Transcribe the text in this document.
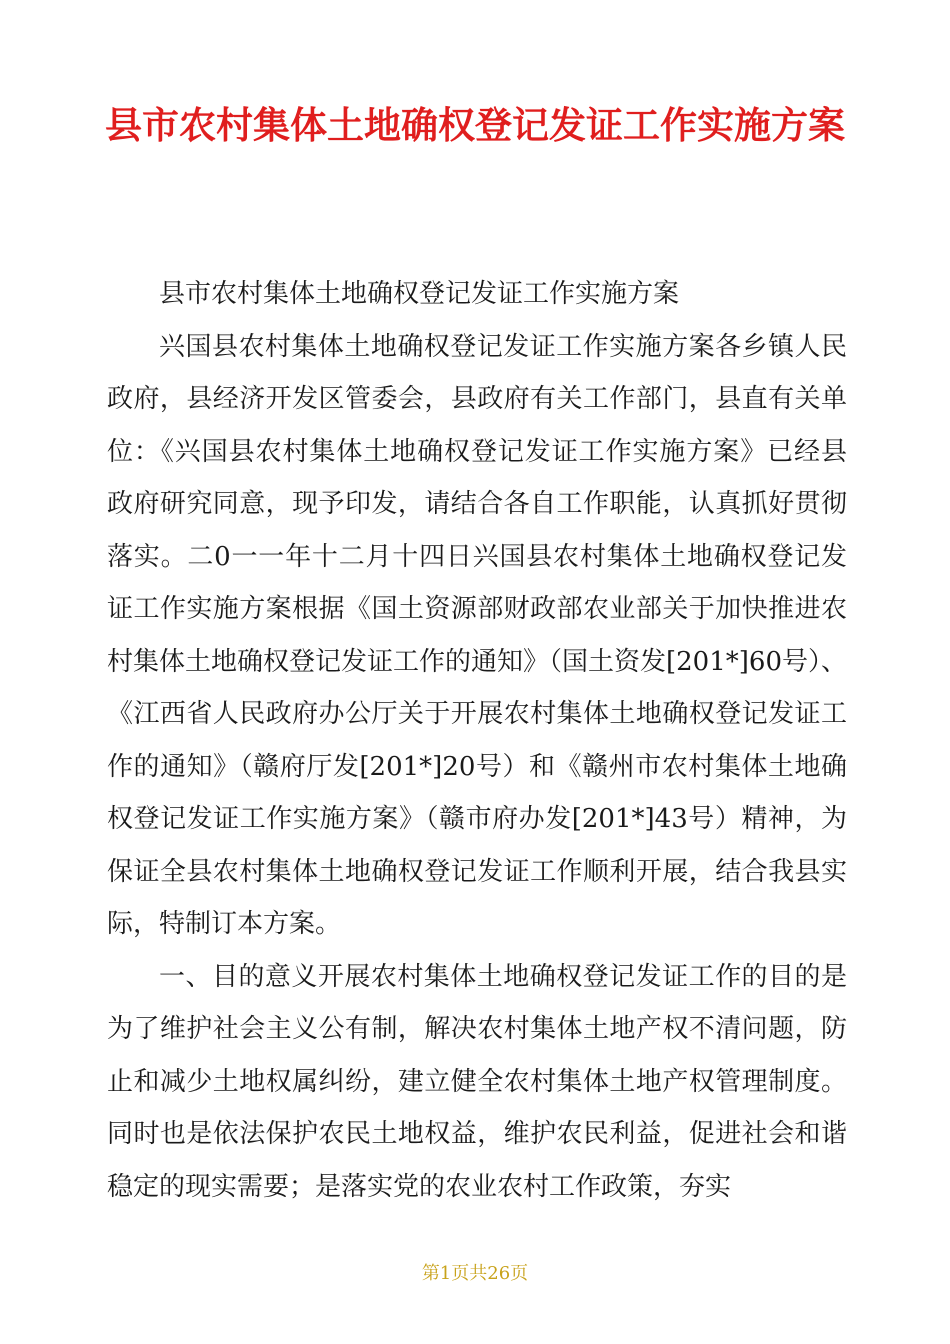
县市农村集体土地确权登记发证工作实施方案

县市农村集体土地确权登记发证工作实施方案

兴国县农村集体土地确权登记发证工作实施方案各乡镇人民政府，县经济开发区管委会，县政府有关工作部门，县直有关单位：《兴国县农村集体土地确权登记发证工作实施方案》已经县政府研究同意，现予印发，请结合各自工作职能，认真抓好贯彻落实。二0一一年十二月十四日兴国县农村集体土地确权登记发证工作实施方案根据《国土资源部财政部农业部关于加快推进农村集体土地确权登记发证工作的通知》（国土资发[201*]60号）、《江西省人民政府办公厅关于开展农村集体土地确权登记发证工作的通知》（赣府厅发[201*]20号）和《赣州市农村集体土地确权登记发证工作实施方案》（赣市府办发[201*]43号）精神，为保证全县农村集体土地确权登记发证工作顺利开展，结合我县实际，特制订本方案。

一、目的意义开展农村集体土地确权登记发证工作的目的是为了维护社会主义公有制，解决农村集体土地产权不清问题，防止和减少土地权属纠纷，建立健全农村集体土地产权管理制度。同时也是依法保护农民土地权益，维护农民利益，促进社会和谐稳定的现实需要；是落实党的农业农村工作政策，夯实

第1页共26页
